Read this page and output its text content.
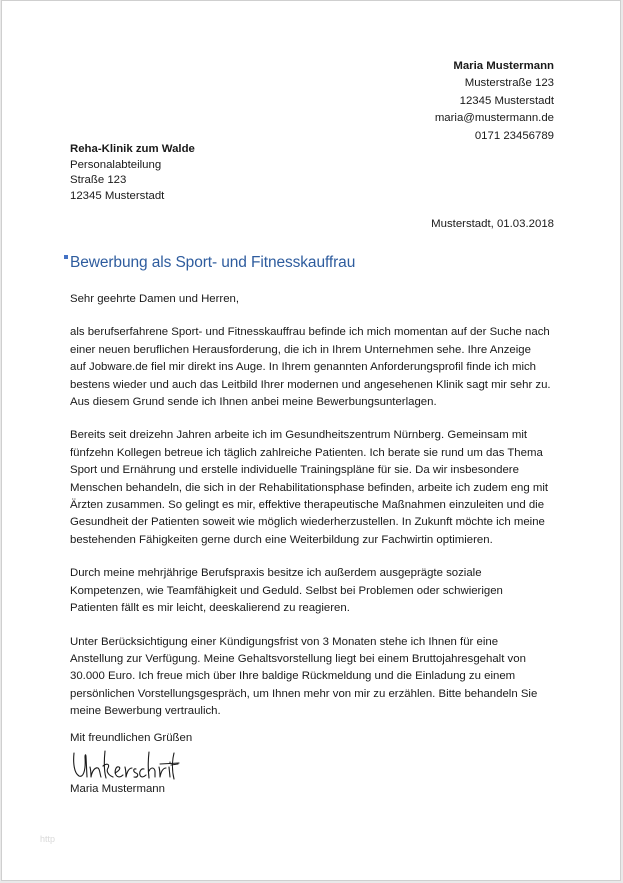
Maria Mustermann
Musterstraße 123
12345 Musterstadt
maria@mustermann.de
0171 23456789
Reha-Klinik zum Walde
Personalabteilung
Straße 123
12345 Musterstadt
Musterstadt, 01.03.2018
Bewerbung als Sport- und Fitnesskauffrau

Sehr geehrte Damen und Herren,

als berufserfahrene Sport- und Fitnesskauffrau befinde ich mich momentan auf der Suche nach
einer neuen beruflichen Herausforderung, die ich in Ihrem Unternehmen sehe. Ihre Anzeige
auf Jobware.de fiel mir direkt ins Auge. In Ihrem genannten Anforderungsprofil finde ich mich
bestens wieder und auch das Leitbild Ihrer modernen und angesehenen Klinik sagt mir sehr zu.
Aus diesem Grund sende ich Ihnen anbei meine Bewerbungsunterlagen.

Bereits seit dreizehn Jahren arbeite ich im Gesundheitszentrum Nürnberg. Gemeinsam mit
fünfzehn Kollegen betreue ich täglich zahlreiche Patienten. Ich berate sie rund um das Thema
Sport und Ernährung und erstelle individuelle Trainingspläne für sie. Da wir insbesondere
Menschen behandeln, die sich in der Rehabilitationsphase befinden, arbeite ich zudem eng mit
Ärzten zusammen. So gelingt es mir, effektive therapeutische Maßnahmen einzuleiten und die
Gesundheit der Patienten soweit wie möglich wiederherzustellen. In Zukunft möchte ich meine
bestehenden Fähigkeiten gerne durch eine Weiterbildung zur Fachwirtin optimieren.

Durch meine mehrjährige Berufspraxis besitze ich außerdem ausgeprägte soziale
Kompetenzen, wie Teamfähigkeit und Geduld. Selbst bei Problemen oder schwierigen
Patienten fällt es mir leicht, deeskalierend zu reagieren.

Unter Berücksichtigung einer Kündigungsfrist von 3 Monaten stehe ich Ihnen für eine
Anstellung zur Verfügung. Meine Gehaltsvorstellung liegt bei einem Bruttojahresgehalt von
30.000 Euro. Ich freue mich über Ihre baldige Rückmeldung und die Einladung zu einem
persönlichen Vorstellungsgespräch, um Ihnen mehr von mir zu erzählen. Bitte behandeln Sie
meine Bewerbung vertraulich.

Mit freundlichen Grüßen
Maria Mustermann
http
